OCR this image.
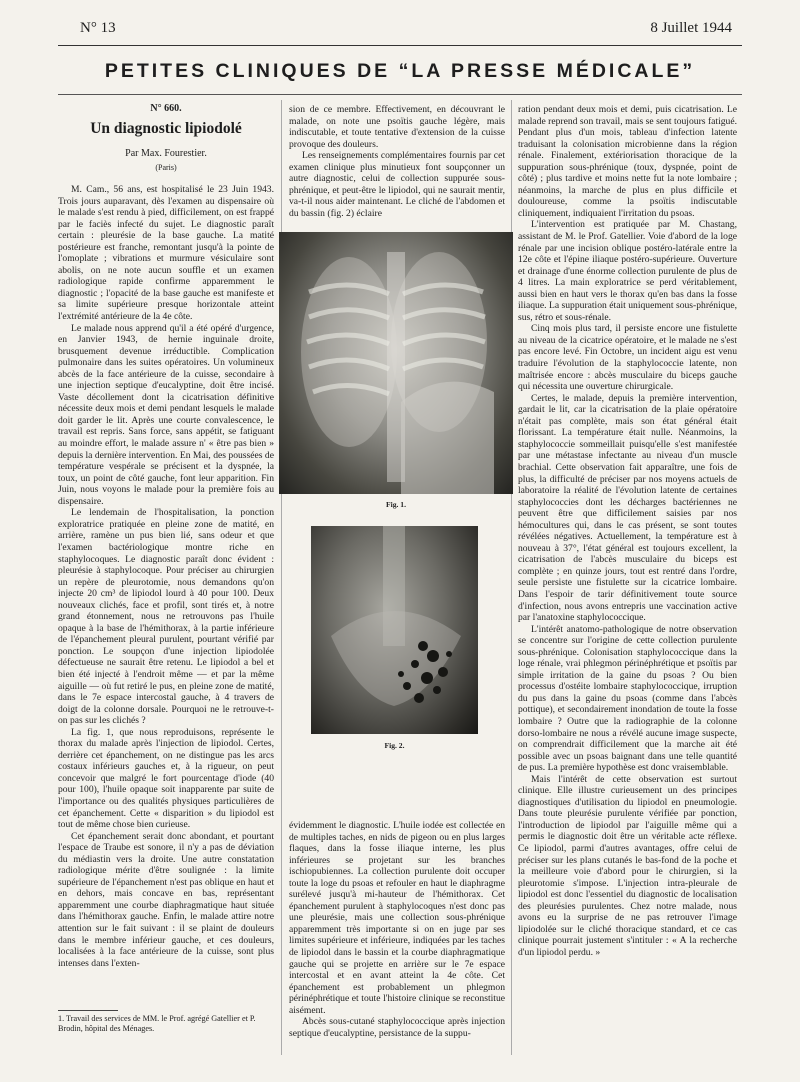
N° 13	8 Juillet 1944
PETITES CLINIQUES DE “LA PRESSE MÉDICALE”
N° 660.
Un diagnostic lipiodolé
Par Max. Fourestier.
(Paris)

M. Cam., 56 ans, est hospitalisé le 23 Juin 1943. Trois jours auparavant, dès l'examen au dispensaire où le malade s'est rendu à pied, difficilement, on est frappé par le faciès infecté du sujet. Le diagnostic paraît certain : pleurésie de la base gauche. La matité postérieure est franche, remontant jusqu'à la pointe de l'omoplate ; vibrations et murmure vésiculaire sont abolis, on ne note aucun souffle et un examen radiologique rapide confirme apparemment le diagnostic ; l'opacité de la base gauche est manifeste et sa limite supérieure presque horizontale atteint l'extrémité antérieure de la 4e côte.

Le malade nous apprend qu'il a été opéré d'urgence, en Janvier 1943, de hernie inguinale droite, brusquement devenue irréductible. Complication pulmonaire dans les suites opératoires. Un volumineux abcès de la face antérieure de la cuisse, secondaire à une injection septique d'eucalyptine, doit être incisé. Vaste décollement dont la cicatrisation définitive nécessite deux mois et demi pendant lesquels le malade doit garder le lit. Après une courte convalescence, le travail est repris. Sans force, sans appétit, se fatiguant au moindre effort, le malade assure n' « être pas bien » depuis la dernière intervention. En Mai, des poussées de température vespérale se précisent et la dyspnée, la toux, un point de côté gauche, font leur apparition. Fin Juin, nous voyons le malade pour la première fois au dispensaire.

Le lendemain de l'hospitalisation, la ponction exploratrice pratiquée en pleine zone de matité, en arrière, ramène un pus bien lié, sans odeur et que l'examen bactériologique montre riche en staphylocoques. Le diagnostic paraît donc évident : pleurésie à staphylocoque. Pour préciser au chirurgien un repère de pleurotomie, nous demandons qu'on injecte 20 cm³ de lipiodol lourd à 40 pour 100. Deux nouveaux clichés, face et profil, sont tirés et, à notre grand étonnement, nous ne retrouvons pas l'huile opaque à la base de l'hémithorax, à la partie inférieure de l'épanchement pleural purulent, pourtant vérifié par ponction. Le soupçon d'une injection lipiodolée défectueuse ne saurait être retenu. Le lipiodol a bel et bien été injecté à l'endroit même — et par la même aiguille — où fut retiré le pus, en pleine zone de matité, dans le 7e espace intercostal gauche, à 4 travers de doigt de la colonne dorsale. Pourquoi ne le retrouve-t-on pas sur les clichés ?

La fig. 1, que nous reproduisons, représente le thorax du malade après l'injection de lipiodol. Certes, derrière cet épanchement, on ne distingue pas les arcs costaux inférieurs gauches et, à la rigueur, on peut concevoir que malgré le fort pourcentage d'iode (40 pour 100), l'huile opaque soit inapparente par suite de l'importance ou des qualités physiques particulières de cet épanchement. Cette « disparition » du lipiodol est tout de même chose bien curieuse.

Cet épanchement serait donc abondant, et pourtant l'espace de Traube est sonore, il n'y a pas de déviation du médiastin vers la droite. Une autre constatation radiologique mérite d'être soulignée : la limite supérieure de l'épanchement n'est pas oblique en haut et en dehors, mais concave en bas, représentant apparemment une courbe diaphragmatique haut située dans l'hémithorax gauche. Enfin, le malade attire notre attention sur le fait suivant : il se plaint de douleurs dans le membre inférieur gauche, et ces douleurs, localisées à la face antérieure de la cuisse, sont plus intenses dans l'exten-

1. Travail des services de MM. le Prof. agrégé Gatellier et P. Brodin, hôpital des Ménages.

sion de ce membre. Effectivement, en découvrant le malade, on note une psoïtis gauche légère, mais indiscutable, et toute tentative d'extension de la cuisse provoque des douleurs.

Les renseignements complémentaires fournis par cet examen clinique plus minutieux font soupçonner un autre diagnostic, celui de collection suppurée sous-phrénique, et peut-être le lipiodol, qui ne saurait mentir, va-t-il nous aider maintenant. Le cliché de l'abdomen et du bassin (fig. 2) éclaire

Fig. 1.
Fig. 2.

évidemment le diagnostic. L'huile iodée est collectée en de multiples taches, en nids de pigeon ou en plus larges flaques, dans la fosse iliaque interne, les plus inférieures se projetant sur les branches ischiopubiennes. La collection purulente doit occuper toute la loge du psoas et refouler en haut le diaphragme surélevé jusqu'à mi-hauteur de l'hémithorax. Cet épanchement purulent à staphylocoques n'est donc pas une pleurésie, mais une collection sous-phrénique apparemment très importante si on en juge par ses limites supérieure et inférieure, indiquées par les taches de lipiodol dans le bassin et la courbe diaphragmatique gauche qui se projette en arrière sur le 7e espace intercostal et en avant atteint la 4e côte. Cet épanchement est probablement un phlegmon périnéphrétique et toute l'histoire clinique se reconstitue aisément.

Abcès sous-cutané staphylococcique après injection septique d'eucalyptine, persistance de la suppu-

ration pendant deux mois et demi, puis cicatrisation. Le malade reprend son travail, mais se sent toujours fatigué. Pendant plus d'un mois, tableau d'infection latente traduisant la colonisation microbienne dans la région rénale. Finalement, extériorisation thoracique de la suppuration sous-phrénique (toux, dyspnée, point de côté) ; plus tardive et moins nette fut la note lombaire ; néanmoins, la marche de plus en plus difficile et douloureuse, comme la psoïtis indiscutable cliniquement, indiquaient l'irritation du psoas.

L'intervention est pratiquée par M. Chastang, assistant de M. le Prof. Gatellier. Voie d'abord de la loge rénale par une incision oblique postéro-latérale entre la 12e côte et l'épine iliaque postéro-supérieure. Ouverture et drainage d'une énorme collection purulente de plus de 4 litres. La main exploratrice se perd véritablement, aussi bien en haut vers le thorax qu'en bas dans la fosse iliaque. La suppuration était uniquement sous-phrénique, sus, rétro et sous-rénale.

Cinq mois plus tard, il persiste encore une fistulette au niveau de la cicatrice opératoire, et le malade ne s'est pas encore levé. Fin Octobre, un incident aigu est venu traduire l'évolution de la staphylococcie latente, non maîtrisée encore : abcès musculaire du biceps gauche qui nécessita une ouverture chirurgicale.

Certes, le malade, depuis la première intervention, gardait le lit, car la cicatrisation de la plaie opératoire n'était pas complète, mais son état général était florissant. La température était nulle. Néanmoins, la staphylococcie sommeillait puisqu'elle s'est manifestée par une métastase infectante au niveau d'un muscle brachial. Cette observation fait apparaître, une fois de plus, la difficulté de préciser par nos moyens actuels de laboratoire la réalité de l'évolution latente de certaines staphylococcies dont les décharges bactériennes ne peuvent être que difficilement saisies par nos hémocultures qui, dans le cas présent, se sont toutes révélées négatives. Actuellement, la température est à nouveau à 37°, l'état général est toujours excellent, la cicatrisation de l'abcès musculaire du biceps est complète ; en quinze jours, tout est rentré dans l'ordre, seule persiste une fistulette sur la cicatrice lombaire. Dans l'espoir de tarir définitivement toute source d'infection, nous avons entrepris une vaccination active par l'anatoxine staphylococcique.

L'intérêt anatomo-pathologique de notre observation se concentre sur l'origine de cette collection purulente sous-phrénique. Colonisation staphylococcique dans la loge rénale, vrai phlegmon périnéphrétique et psoïtis par simple irritation de la gaine du psoas ? Ou bien processus d'ostéite lombaire staphylococcique, irruption du pus dans la gaine du psoas (comme dans l'abcès pottique), et secondairement inondation de toute la fosse lombaire ? Outre que la radiographie de la colonne dorso-lombaire ne nous a révélé aucune image suspecte, on comprendrait difficilement que la marche ait été possible avec un psoas baignant dans une telle quantité de pus. La première hypothèse est donc vraisemblable.

Mais l'intérêt de cette observation est surtout clinique. Elle illustre curieusement un des principes diagnostiques d'utilisation du lipiodol en pneumologie. Dans toute pleurésie purulente vérifiée par ponction, l'introduction de lipiodol par l'aiguille même qui a permis le diagnostic doit être un véritable acte réflexe. Ce lipiodol, parmi d'autres avantages, offre celui de préciser sur les plans cutanés le bas-fond de la poche et la meilleure voie d'abord pour le chirurgien, si la pleurotomie s'impose. L'injection intra-pleurale de lipiodol est donc l'essentiel du diagnostic de localisation des pleurésies purulentes. Chez notre malade, nous avons eu la surprise de ne pas retrouver l'image lipiodolée sur le cliché thoracique standard, et ce cas clinique pourrait justement s'intituler : « A la recherche d'un lipiodol perdu. »
